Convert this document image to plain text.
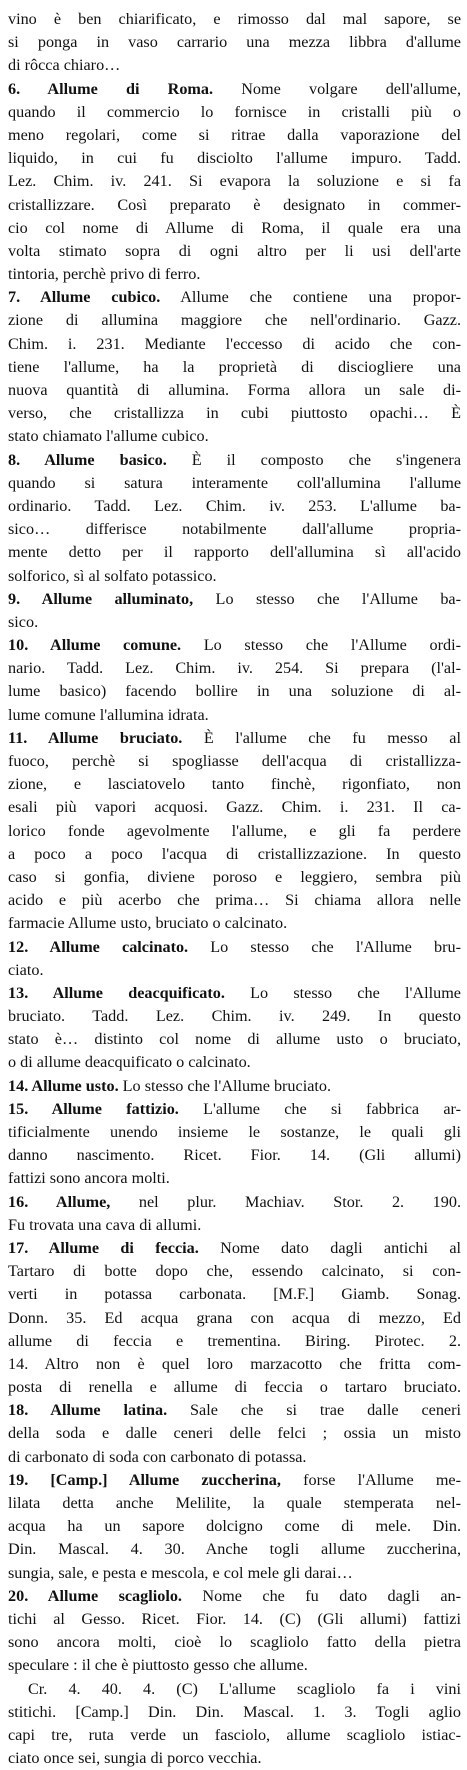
vino è ben chiarificato, e rimosso dal mal sapore, se
si ponga in vaso carrario una mezza libbra d'allume
di rôcca chiaro…
6. Allume di Roma. Nome volgare dell'allume,
quando il commercio lo fornisce in cristalli più o
meno regolari, come si ritrae dalla vaporazione del
liquido, in cui fu disciolto l'allume impuro. Tadd.
Lez. Chim. iv. 241. Si evapora la soluzione e si fa
cristallizzare. Così preparato è designato in commer-
cio col nome di Allume di Roma, il quale era una
volta stimato sopra di ogni altro per li usi dell'arte
tintoria, perchè privo di ferro.
7. Allume cubico. Allume che contiene una propor-
zione di allumina maggiore che nell'ordinario. Gazz.
Chim. i. 231. Mediante l'eccesso di acido che con-
tiene l'allume, ha la proprietà di disciogliere una
nuova quantità di allumina. Forma allora un sale di-
verso, che cristallizza in cubi piuttosto opachi… È
stato chiamato l'allume cubico.
8. Allume basico. È il composto che s'ingenera
quando si satura interamente coll'allumina l'allume
ordinario. Tadd. Lez. Chim. iv. 253. L'allume ba-
sico… differisce notabilmente dall'allume propria-
mente detto per il rapporto dell'allumina sì all'acido
solforico, sì al solfato potassico.
9. Allume alluminato, Lo stesso che l'Allume ba-
sico.
10. Allume comune. Lo stesso che l'Allume ordi-
nario. Tadd. Lez. Chim. iv. 254. Si prepara (l'al-
lume basico) facendo bollire in una soluzione di al-
lume comune l'allumina idrata.
11. Allume bruciato. È l'allume che fu messo al
fuoco, perchè si spogliasse dell'acqua di cristallizza-
zione, e lasciatovelo tanto finchè, rigonfiato, non
esali più vapori acquosi. Gazz. Chim. i. 231. Il ca-
lorico fonde agevolmente l'allume, e gli fa perdere
a poco a poco l'acqua di cristallizzazione. In questo
caso si gonfia, diviene poroso e leggiero, sembra più
acido e più acerbo che prima… Si chiama allora nelle
farmacie Allume usto, bruciato o calcinato.
12. Allume calcinato. Lo stesso che l'Allume bru-
ciato.
13. Allume deacquificato. Lo stesso che l'Allume
bruciato. Tadd. Lez. Chim. iv. 249. In questo
stato è… distinto col nome di allume usto o bruciato,
o di allume deacquificato o calcinato.
14. Allume usto. Lo stesso che l'Allume bruciato.
15. Allume fattizio. L'allume che si fabbrica ar-
tificialmente unendo insieme le sostanze, le quali gli
danno nascimento. Ricet. Fior. 14. (Gli allumi)
fattizi sono ancora molti.
16. Allume, nel plur. Machiav. Stor. 2. 190.
Fu trovata una cava di allumi.
17. Allume di feccia. Nome dato dagli antichi al
Tartaro di botte dopo che, essendo calcinato, si con-
verti in potassa carbonata. [M.F.] Giamb. Sonag.
Donn. 35. Ed acqua grana con acqua di mezzo, Ed
allume di feccia e trementina. Biring. Pirotec. 2.
14. Altro non è quel loro marzacotto che fritta com-
posta di renella e allume di feccia o tartaro bruciato.
18. Allume latina. Sale che si trae dalle ceneri
della soda e dalle ceneri delle felci ; ossia un misto
di carbonato di soda con carbonato di potassa.
19. [Camp.] Allume zuccherina, forse l'Allume me-
lilata detta anche Melilite, la quale stemperata nel-
acqua ha un sapore dolcigno come di mele. Din.
Din. Mascal. 4. 30. Anche togli allume zuccherina,
sungia, sale, e pesta e mescola, e col mele gli darai…
20. Allume scagliolo. Nome che fu dato dagli an-
tichi al Gesso. Ricet. Fior. 14. (C) (Gli allumi) fattizi
sono ancora molti, cioè lo scagliolo fatto della pietra
speculare : il che è piuttosto gesso che allume.
Cr. 4. 40. 4. (C) L'allume scagliolo fa i vini
stitichi. [Camp.] Din. Din. Mascal. 1. 3. Togli aglio
capi tre, ruta verde un fasciolo, allume scagliolo istiac-
ciato once sei, sungia di porco vecchia.
